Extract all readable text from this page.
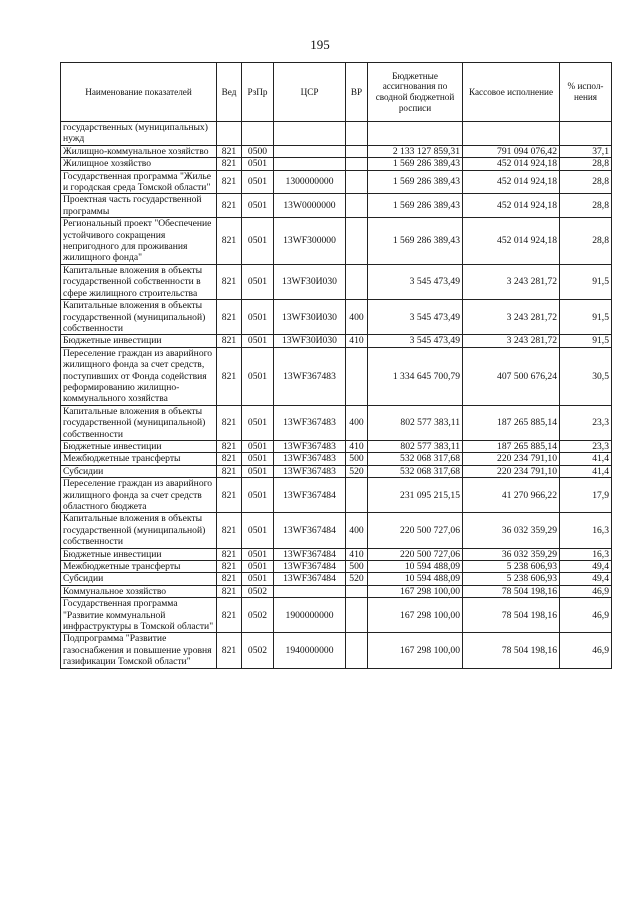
195
Наименование показателей	Вед	РзПр	ЦСР	ВР	Бюджетные ассигнования по сводной бюджетной росписи	Кассовое исполнение	% испол-нения
государственных (муниципальных) нужд							
Жилищно-коммунальное хозяйство	821	0500			2 133 127 859,31	791 094 076,42	37,1
Жилищное хозяйство	821	0501			1 569 286 389,43	452 014 924,18	28,8
Государственная программа "Жилье и городская среда Томской области"	821	0501	1300000000		1 569 286 389,43	452 014 924,18	28,8
Проектная часть государственной программы	821	0501	13W0000000		1 569 286 389,43	452 014 924,18	28,8
Региональный проект "Обеспечение устойчивого сокращения непригодного для проживания жилищного фонда"	821	0501	13WF300000		1 569 286 389,43	452 014 924,18	28,8
Капитальные вложения в объекты государственной собственности в сфере жилищного строительства	821	0501	13WF30И030		3 545 473,49	3 243 281,72	91,5
Капитальные вложения в объекты государственной (муниципальной) собственности	821	0501	13WF30И030	400	3 545 473,49	3 243 281,72	91,5
Бюджетные инвестиции	821	0501	13WF30И030	410	3 545 473,49	3 243 281,72	91,5
Переселение граждан из аварийного жилищного фонда за счет средств, поступивших от Фонда содействия реформированию жилищно-коммунального хозяйства	821	0501	13WF367483		1 334 645 700,79	407 500 676,24	30,5
Капитальные вложения в объекты государственной (муниципальной) собственности	821	0501	13WF367483	400	802 577 383,11	187 265 885,14	23,3
Бюджетные инвестиции	821	0501	13WF367483	410	802 577 383,11	187 265 885,14	23,3
Межбюджетные трансферты	821	0501	13WF367483	500	532 068 317,68	220 234 791,10	41,4
Субсидии	821	0501	13WF367483	520	532 068 317,68	220 234 791,10	41,4
Переселение граждан из аварийного жилищного фонда за счет средств областного бюджета	821	0501	13WF367484		231 095 215,15	41 270 966,22	17,9
Капитальные вложения в объекты государственной (муниципальной) собственности	821	0501	13WF367484	400	220 500 727,06	36 032 359,29	16,3
Бюджетные инвестиции	821	0501	13WF367484	410	220 500 727,06	36 032 359,29	16,3
Межбюджетные трансферты	821	0501	13WF367484	500	10 594 488,09	5 238 606,93	49,4
Субсидии	821	0501	13WF367484	520	10 594 488,09	5 238 606,93	49,4
Коммунальное хозяйство	821	0502			167 298 100,00	78 504 198,16	46,9
Государственная программа "Развитие коммунальной инфраструктуры в Томской области"	821	0502	1900000000		167 298 100,00	78 504 198,16	46,9
Подпрограмма "Развитие газоснабжения и повышение уровня газификации Томской области"	821	0502	1940000000		167 298 100,00	78 504 198,16	46,9
